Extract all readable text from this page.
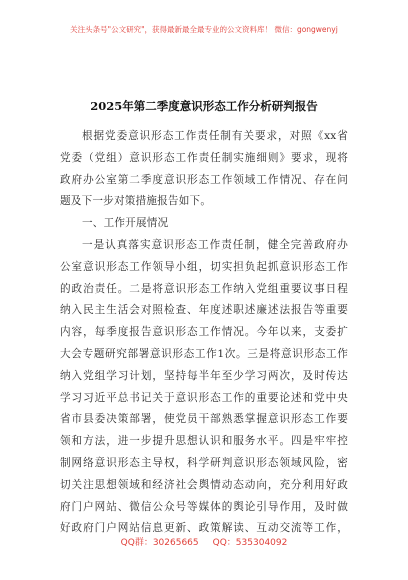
关注头条号"公文研究"，获得最新最全最专业的公文资料库！ 微信：gongwenyj
2025年第二季度意识形态工作分析研判报告
根据党委意识形态工作责任制有关要求，对照《xx省
党委（党组）意识形态工作责任制实施细则》要求，现将
政府办公室第二季度意识形态工作领域工作情况、存在问
题及下一步对策措施报告如下。
一、工作开展情况
一是认真落实意识形态工作责任制，健全完善政府办
公室意识形态工作领导小组，切实担负起抓意识形态工作
的政治责任。二是将意识形态工作纳入党组重要议事日程
纳入民主生活会对照检查、年度述职述廉述法报告等重要
内容，每季度报告意识形态工作情况。今年以来，支委扩
大会专题研究部署意识形态工作1次。三是将意识形态工作
纳入党组学习计划，坚持每半年至少学习两次，及时传达
学习习近平总书记关于意识形态工作的重要论述和党中央
省市县委决策部署，使党员干部熟悉掌握意识形态工作要
领和方法，进一步提升思想认识和服务水平。四是牢牢控
制网络意识形态主导权，科学研判意识形态领域风险，密
切关注思想领域和经济社会舆情动态动向，充分利用好政
府门户网站、微信公众号等媒体的舆论引导作用，及时做
好政府门户网站信息更新、政策解读、互动交流等工作，
QQ群：30265665 QQ：535304092
